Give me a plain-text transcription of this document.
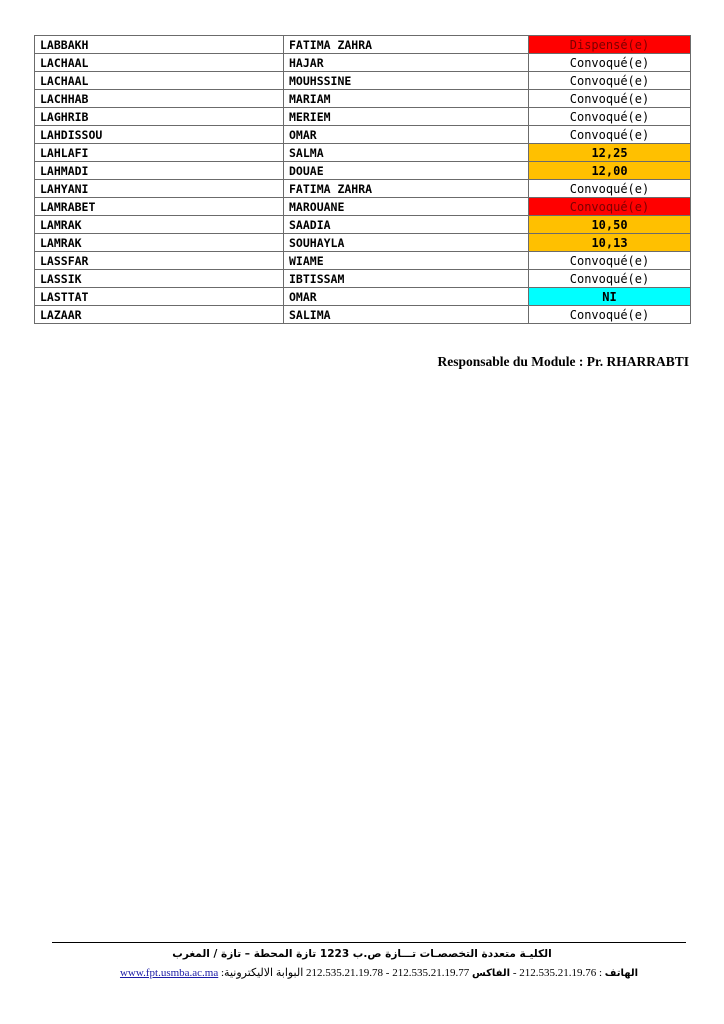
LABBAKH	FATIMA ZAHRA	Dispensé(e)
LACHAAL	HAJAR	Convoqué(e)
LACHAAL	MOUHSSINE	Convoqué(e)
LACHHAB	MARIAM	Convoqué(e)
LAGHRIB	MERIEM	Convoqué(e)
LAHDISSOU	OMAR	Convoqué(e)
LAHLAFI	SALMA	12,25
LAHMADI	DOUAE	12,00
LAHYANI	FATIMA ZAHRA	Convoqué(e)
LAMRABET	MAROUANE	Convoqué(e)
LAMRAK	SAADIA	10,50
LAMRAK	SOUHAYLA	10,13
LASSFAR	WIAME	Convoqué(e)
LASSIK	IBTISSAM	Convoqué(e)
LASTTAT	OMAR	NI
LAZAAR	SALIMA	Convoqué(e)
Responsable du Module : Pr. RHARRABTI
الكليـة متعددة التخصصـات تـــازة ص.ب 1223 تازة المحطة – تازة / المغرب
الهاتف : 212.535.21.19.76 - الفاكس 212.535.21.19.77 - 212.535.21.19.78 البوابة الاليكترونية: www.fpt.usmba.ac.ma
